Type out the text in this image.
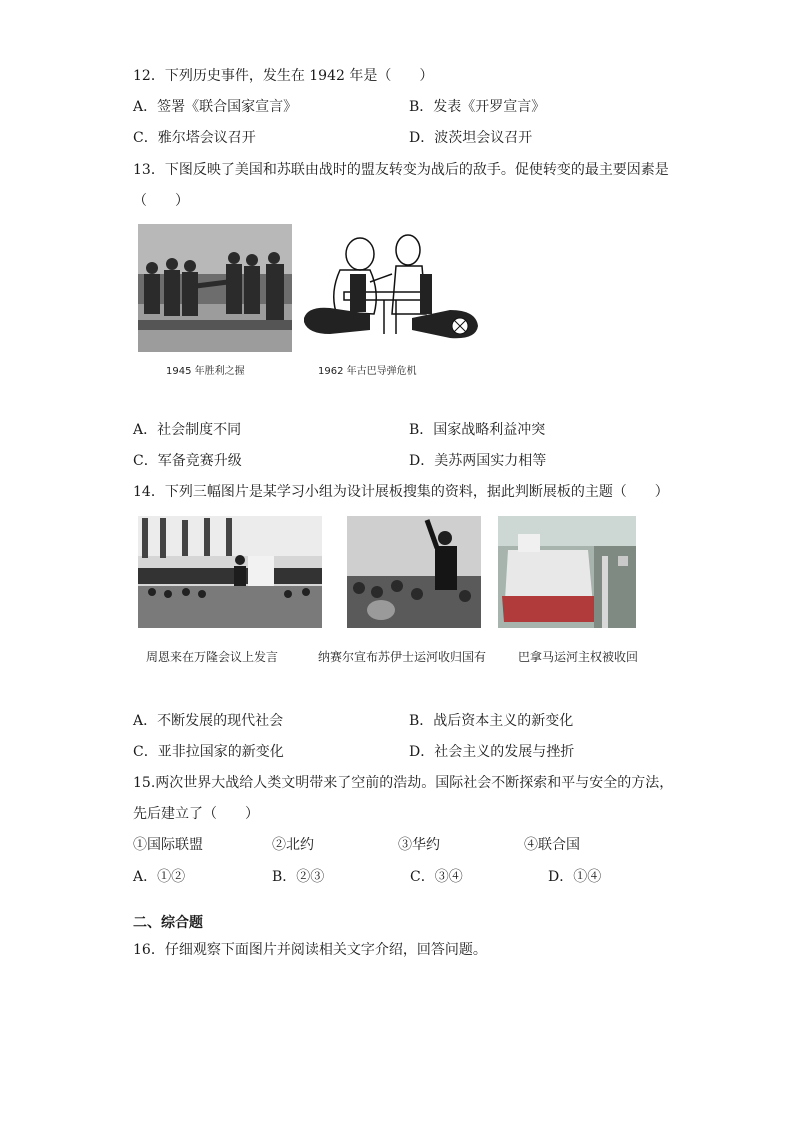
12．下列历史事件，发生在 1942 年是（　　）
A．签署《联合国家宣言》	B．发表《开罗宣言》
C．雅尔塔会议召开	D．波茨坦会议召开
13．下图反映了美国和苏联由战时的盟友转变为战后的敌手。促使转变的最主要因素是
（　　）
1945 年胜利之握	1962 年古巴导弹危机
A．社会制度不同	B．国家战略利益冲突
C．军备竞赛升级	D．美苏两国实力相等
14．下列三幅图片是某学习小组为设计展板搜集的资料，据此判断展板的主题（　　）
周恩来在万隆会议上发言	纳赛尔宣布苏伊士运河收归国有	巴拿马运河主权被收回
A．不断发展的现代社会	B．战后资本主义的新变化
C．亚非拉国家的新变化	D．社会主义的发展与挫折
15.两次世界大战给人类文明带来了空前的浩劫。国际社会不断探索和平与安全的方法，
先后建立了（　　）
①国际联盟	②北约	③华约	④联合国
A．①②	B．②③	C．③④	D．①④
二、综合题
16．仔细观察下面图片并阅读相关文字介绍，回答问题。
